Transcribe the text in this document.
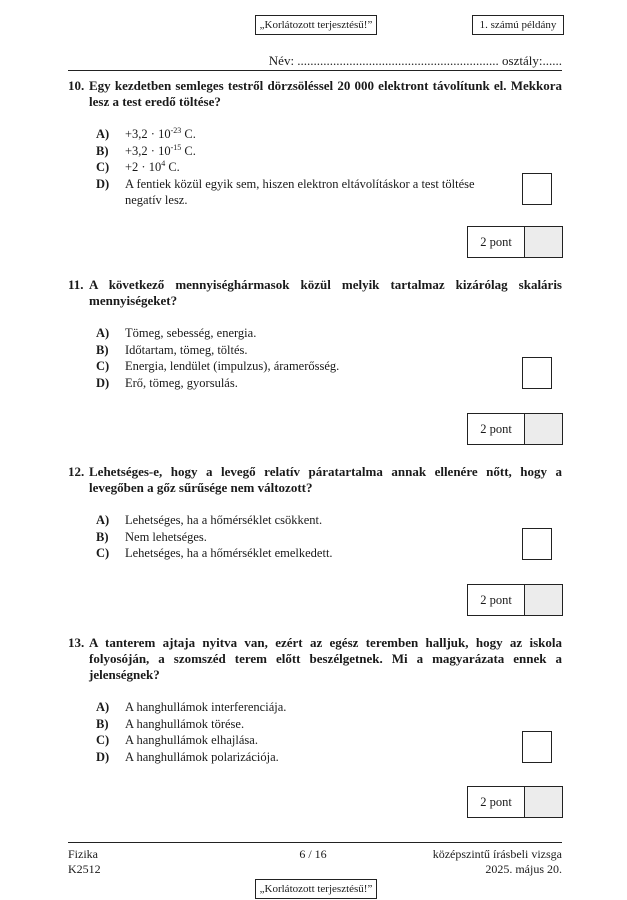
„Korlátozott terjesztésű!”	1. számú példány
Név: .............................................................. osztály:......
10. Egy kezdetben semleges testről dörzsöléssel 20 000 elektront távolítunk el. Mekkora lesz a test eredő töltése?
$A) +3,2 \cdot 10^{-23}$ C.
$B) +3,2 \cdot 10^{-15}$ C.
$C) +2 \cdot 10^4$ C.
D) A fentiek közül egyik sem, hiszen elektron eltávolításkor a test töltése negatív lesz.
2 pont
11. A következő mennyiséghármasok közül melyik tartalmaz kizárólag skaláris mennyiségeket?
A) Tömeg, sebesség, energia.
B) Időtartam, tömeg, töltés.
C) Energia, lendület (impulzus), áramerősség.
D) Erő, tömeg, gyorsulás.
2 pont
12. Lehetséges-e, hogy a levegő relatív páratartalma annak ellenére nőtt, hogy a levegőben a gőz sűrűsége nem változott?
A) Lehetséges, ha a hőmérséklet csökkent.
B) Nem lehetséges.
C) Lehetséges, ha a hőmérséklet emelkedett.
2 pont
13. A tanterem ajtaja nyitva van, ezért az egész teremben halljuk, hogy az iskola folyosóján, a szomszéd terem előtt beszélgetnek. Mi a magyarázata ennek a jelenségnek?
A) A hanghullámok interferenciája.
B) A hanghullámok törése.
C) A hanghullámok elhajlása.
D) A hanghullámok polarizációja.
2 pont
Fizika
K2512
6 / 16	középszintű írásbeli vizsga
2025. május 20.
„Korlátozott terjesztésű!”
